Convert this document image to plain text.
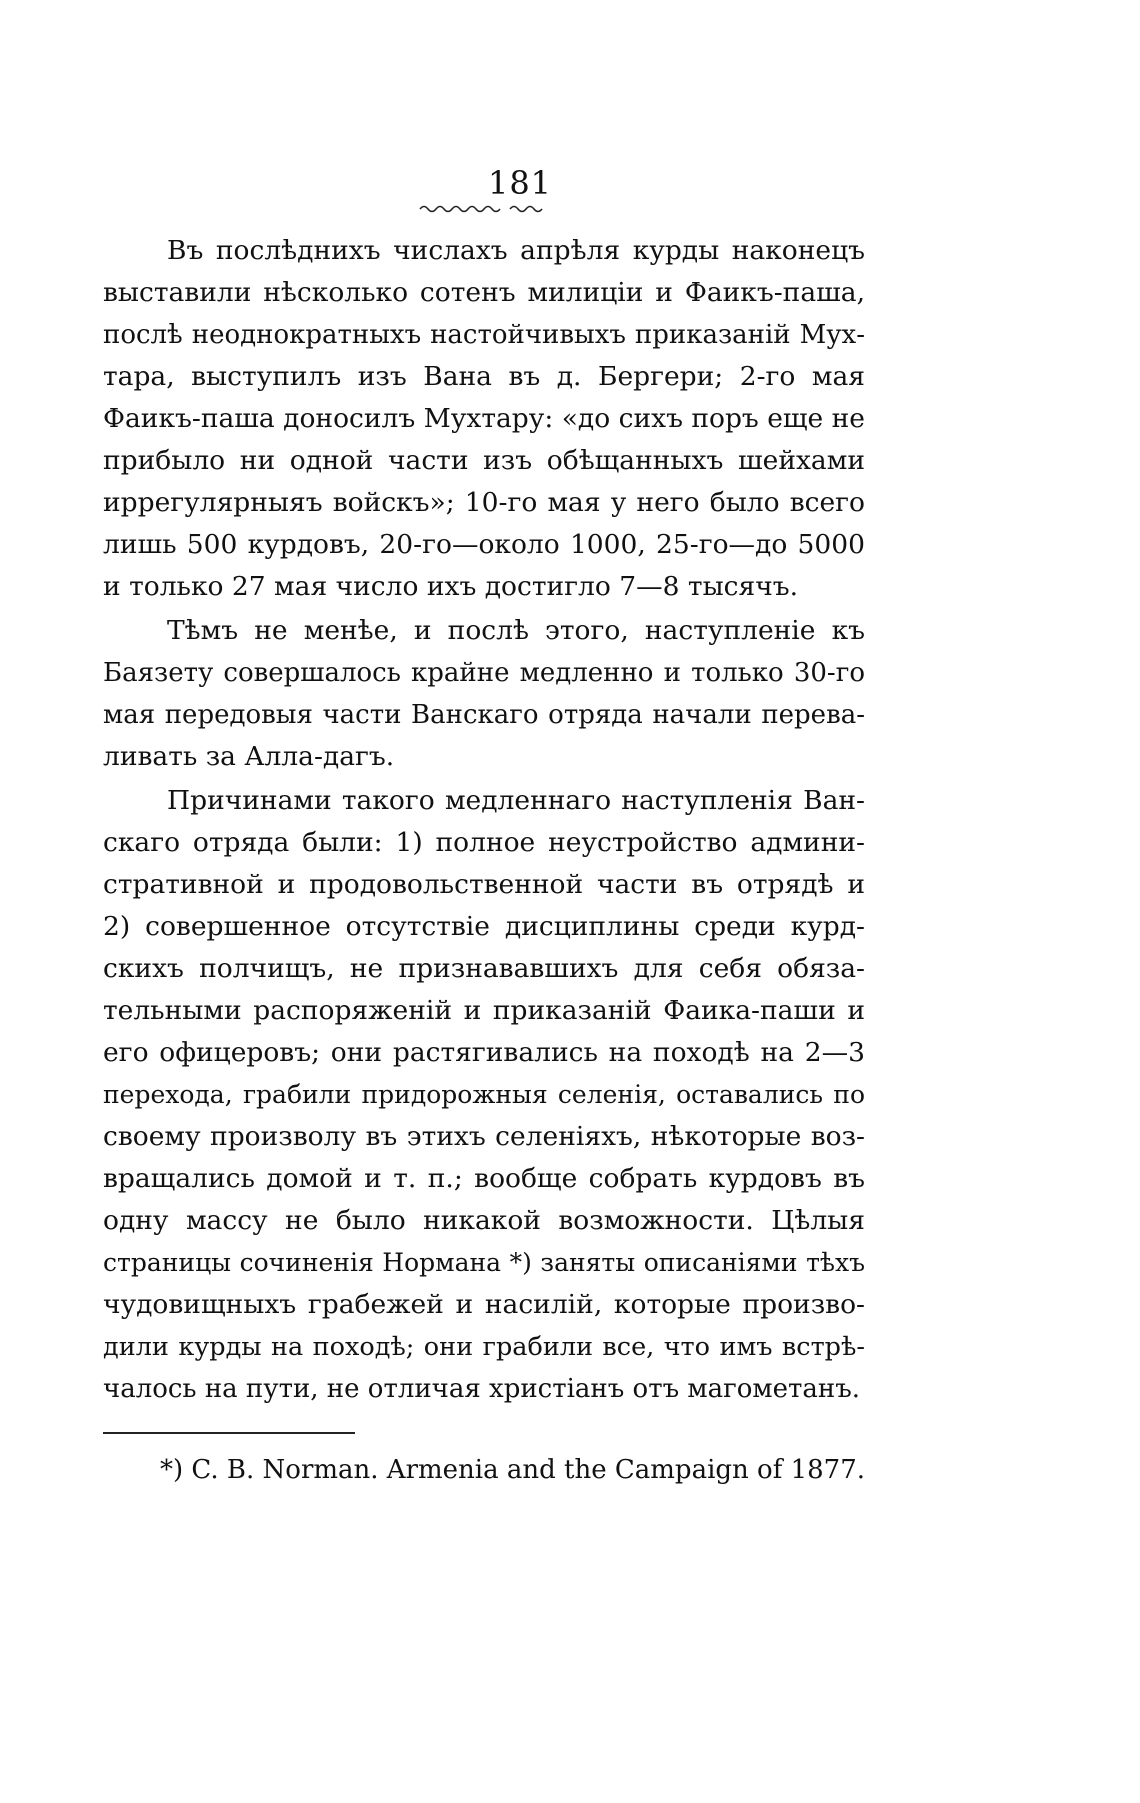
181
Въ послѣднихъ числахъ апрѣля курды наконецъ
выставили нѣсколько сотенъ милиціи и Фаикъ-паша,
послѣ неоднократныхъ настойчивыхъ приказаній Мух-
тара, выступилъ изъ Вана въ д. Бергери; 2-го мая
Фаикъ-паша доносилъ Мухтару: «до сихъ поръ еще не
прибыло ни одной части изъ обѣщанныхъ шейхами
иррегулярныяъ войскъ»; 10-го мая у него было всего
лишь 500 курдовъ, 20-го—около 1000, 25-го—до 5000
и только 27 мая число ихъ достигло 7—8 тысячъ.
Тѣмъ не менѣе, и послѣ этого, наступленіе къ
Баязету совершалось крайне медленно и только 30-го
мая передовыя части Ванскаго отряда начали перева-
ливать за Алла-дагъ.
Причинами такого медленнаго наступленія Ван-
скаго отряда были: 1) полное неустройство админи-
стративной и продовольственной части въ отрядѣ и
2) совершенное отсутствіе дисциплины среди курд-
скихъ полчищъ, не признававшихъ для себя обяза-
тельными распоряженій и приказаній Фаика-паши и
его офицеровъ; они растягивались на походѣ на 2—3
перехода, грабили придорожныя селенія, оставались по
своему произволу въ этихъ селеніяхъ, нѣкоторые воз-
вращались домой и т. п.; вообще собрать курдовъ въ
одну массу не было никакой возможности. Цѣлыя
страницы сочиненія Нормана *) заняты описаніями тѣхъ
чудовищныхъ грабежей и насилій, которые произво-
дили курды на походѣ; они грабили все, что имъ встрѣ-
чалось на пути, не отличая христіанъ отъ магометанъ.
*) C. B. Norman. Armenia and the Campaign of 1877.
